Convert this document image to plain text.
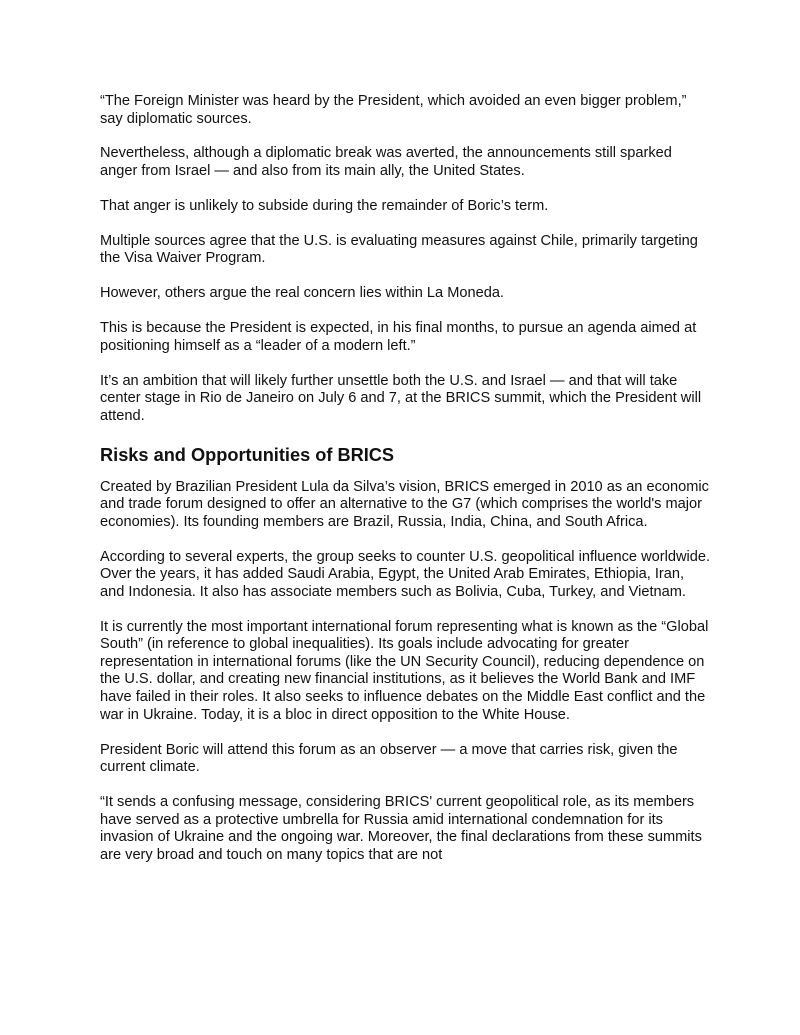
“The Foreign Minister was heard by the President, which avoided an even bigger problem,” say diplomatic sources.

Nevertheless, although a diplomatic break was averted, the announcements still sparked anger from Israel — and also from its main ally, the United States.

That anger is unlikely to subside during the remainder of Boric’s term.

Multiple sources agree that the U.S. is evaluating measures against Chile, primarily targeting the Visa Waiver Program.

However, others argue the real concern lies within La Moneda.

This is because the President is expected, in his final months, to pursue an agenda aimed at positioning himself as a “leader of a modern left.”

It’s an ambition that will likely further unsettle both the U.S. and Israel — and that will take center stage in Rio de Janeiro on July 6 and 7, at the BRICS summit, which the President will attend.

Risks and Opportunities of BRICS

Created by Brazilian President Lula da Silva’s vision, BRICS emerged in 2010 as an economic and trade forum designed to offer an alternative to the G7 (which comprises the world's major economies). Its founding members are Brazil, Russia, India, China, and South Africa.

According to several experts, the group seeks to counter U.S. geopolitical influence worldwide. Over the years, it has added Saudi Arabia, Egypt, the United Arab Emirates, Ethiopia, Iran, and Indonesia. It also has associate members such as Bolivia, Cuba, Turkey, and Vietnam.

It is currently the most important international forum representing what is known as the “Global South” (in reference to global inequalities). Its goals include advocating for greater representation in international forums (like the UN Security Council), reducing dependence on the U.S. dollar, and creating new financial institutions, as it believes the World Bank and IMF have failed in their roles. It also seeks to influence debates on the Middle East conflict and the war in Ukraine. Today, it is a bloc in direct opposition to the White House.

President Boric will attend this forum as an observer — a move that carries risk, given the current climate.

“It sends a confusing message, considering BRICS' current geopolitical role, as its members have served as a protective umbrella for Russia amid international condemnation for its invasion of Ukraine and the ongoing war. Moreover, the final declarations from these summits are very broad and touch on many topics that are not
